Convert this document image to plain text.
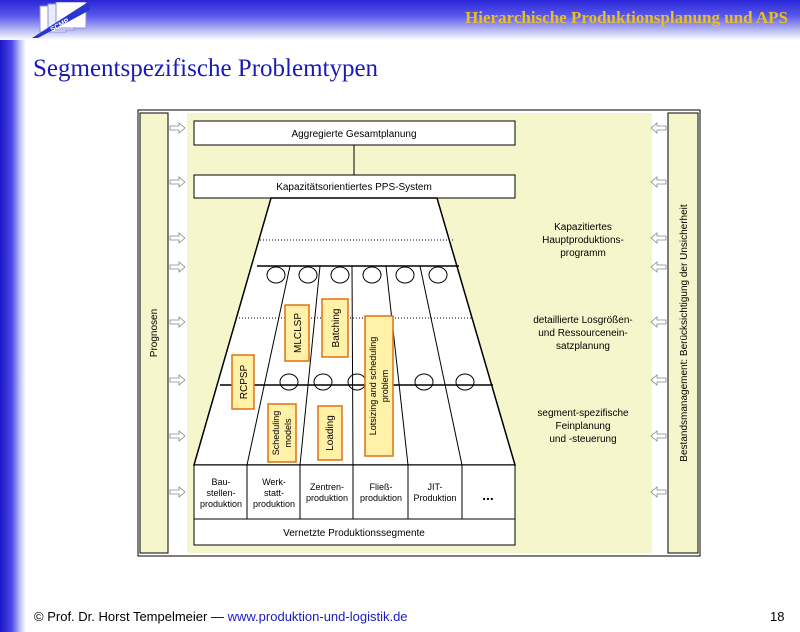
SCMP	Hierarchische Produktionsplanung und APS
Segmentspezifische Problemtypen
Prognosen	Bestandsmanagement: Berücksichtigung der Unsicherheit
Aggregierte Gesamtplanung
Kapazitätsorientiertes PPS-System
Kapazitiertes
Hauptproduktions-
programm
detaillierte Losgrößen-
und Ressourcenein-
satzplanung
segment-spezifische
Feinplanung
und -steuerung
RCPSP
MLCLSP	Batching
Scheduling models	Loading	Lotsizing and scheduling problem
Bau-
stellen-
produktion
Werk-
statt-
produktion
Zentren-
produktion
Fließ-
produktion
JIT-
Produktion ...
Vernetzte Produktionssegmente
© Prof. Dr. Horst Tempelmeier — www.produktion-und-logistik.de	18
